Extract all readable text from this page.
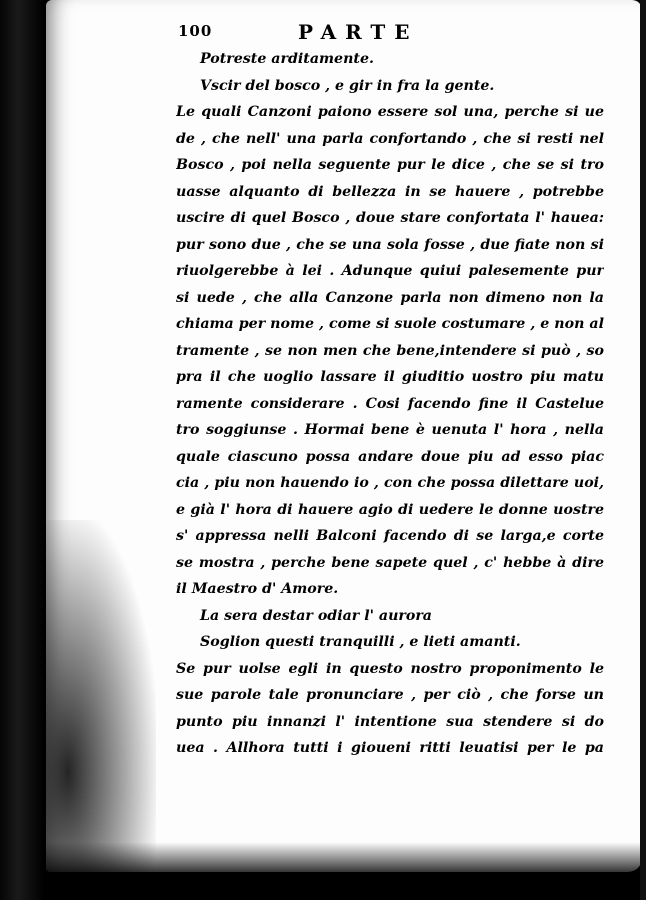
100	PARTE
Potreste arditamente.
Vscir del bosco , e gir in fra la gente.
Le quali Canzoni paiono essere sol una, perche si ue
de , che nell' una parla confortando , che si resti nel
Bosco , poi nella seguente pur le dice , che se si tro
uasse alquanto di bellezza in se hauere , potrebbe
uscire di quel Bosco , doue stare confortata l' hauea:
pur sono due , che se una sola fosse , due fiate non si
riuolgerebbe à lei . Adunque quiui palesemente pur
si uede , che alla Canzone parla non dimeno non la
chiama per nome , come si suole costumare , e non al
tramente , se non men che bene,intendere si può , so
pra il che uoglio lassare il giuditio uostro piu matu
ramente considerare . Cosi facendo fine il Castelue
tro soggiunse . Hormai bene è uenuta l' hora , nella
quale ciascuno possa andare doue piu ad esso piac
cia , piu non hauendo io , con che possa dilettare uoi,
e già l' hora di hauere agio di uedere le donne uostre
s' appressa nelli Balconi facendo di se larga,e corte
se mostra , perche bene sapete quel , c' hebbe à dire
il Maestro d' Amore.
La sera destar odiar l' aurora
Soglion questi tranquilli , e lieti amanti.
Se pur uolse egli in questo nostro proponimento le
sue parole tale pronunciare , per ciò , che forse un
punto piu innanzi l' intentione sua stendere si do
uea . Allhora tutti i gioueni ritti leuatisi per le pa
